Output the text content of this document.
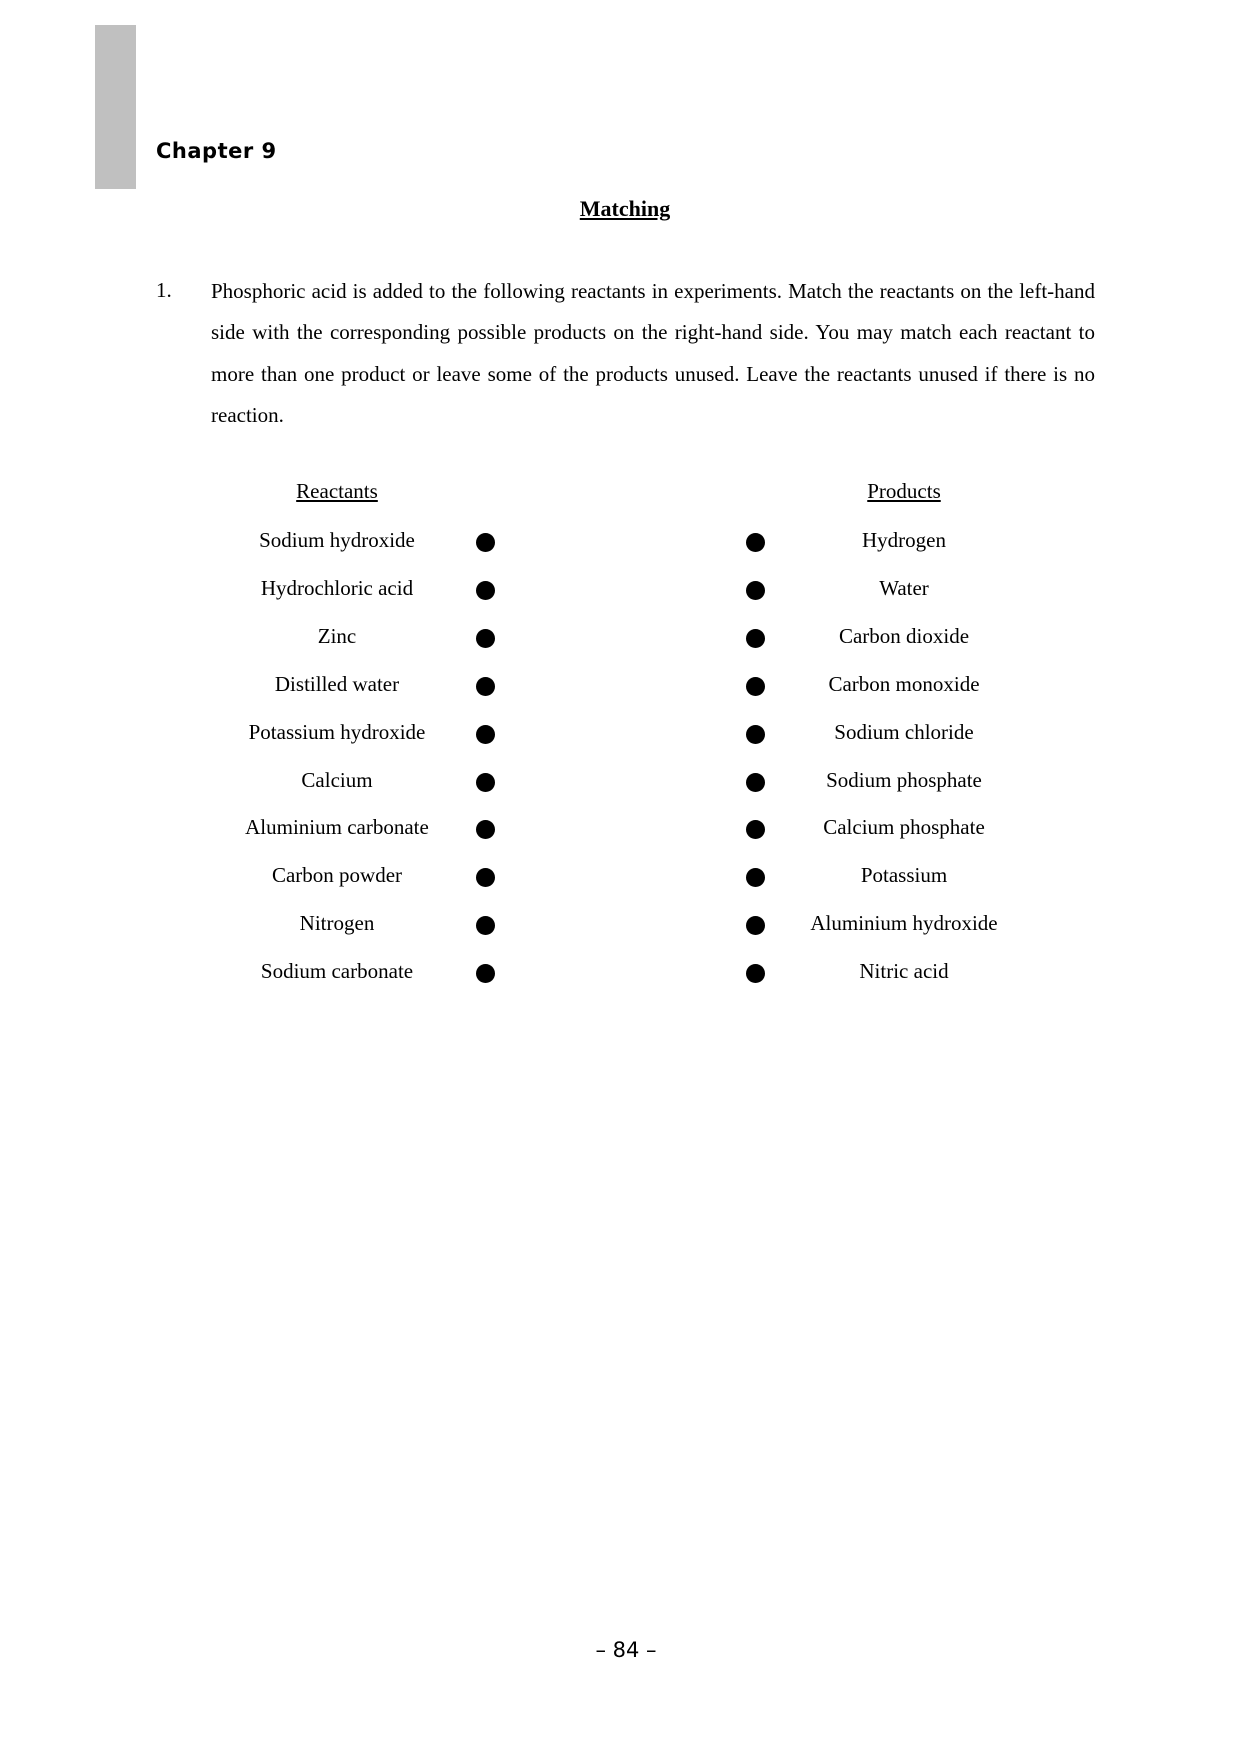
Chapter 9
Matching
1. Phosphoric acid is added to the following reactants in experiments. Match the reactants on the left-hand side with the corresponding possible products on the right-hand side. You may match each reactant to more than one product or leave some of the products unused. Leave the reactants unused if there is no reaction.
Reactants	Products
Sodium hydroxide	Hydrogen
Hydrochloric acid	Water
Zinc	Carbon dioxide
Distilled water	Carbon monoxide
Potassium hydroxide	Sodium chloride
Calcium	Sodium phosphate
Aluminium carbonate	Calcium phosphate
Carbon powder	Potassium
Nitrogen	Aluminium hydroxide
Sodium carbonate	Nitric acid
– 84 –
